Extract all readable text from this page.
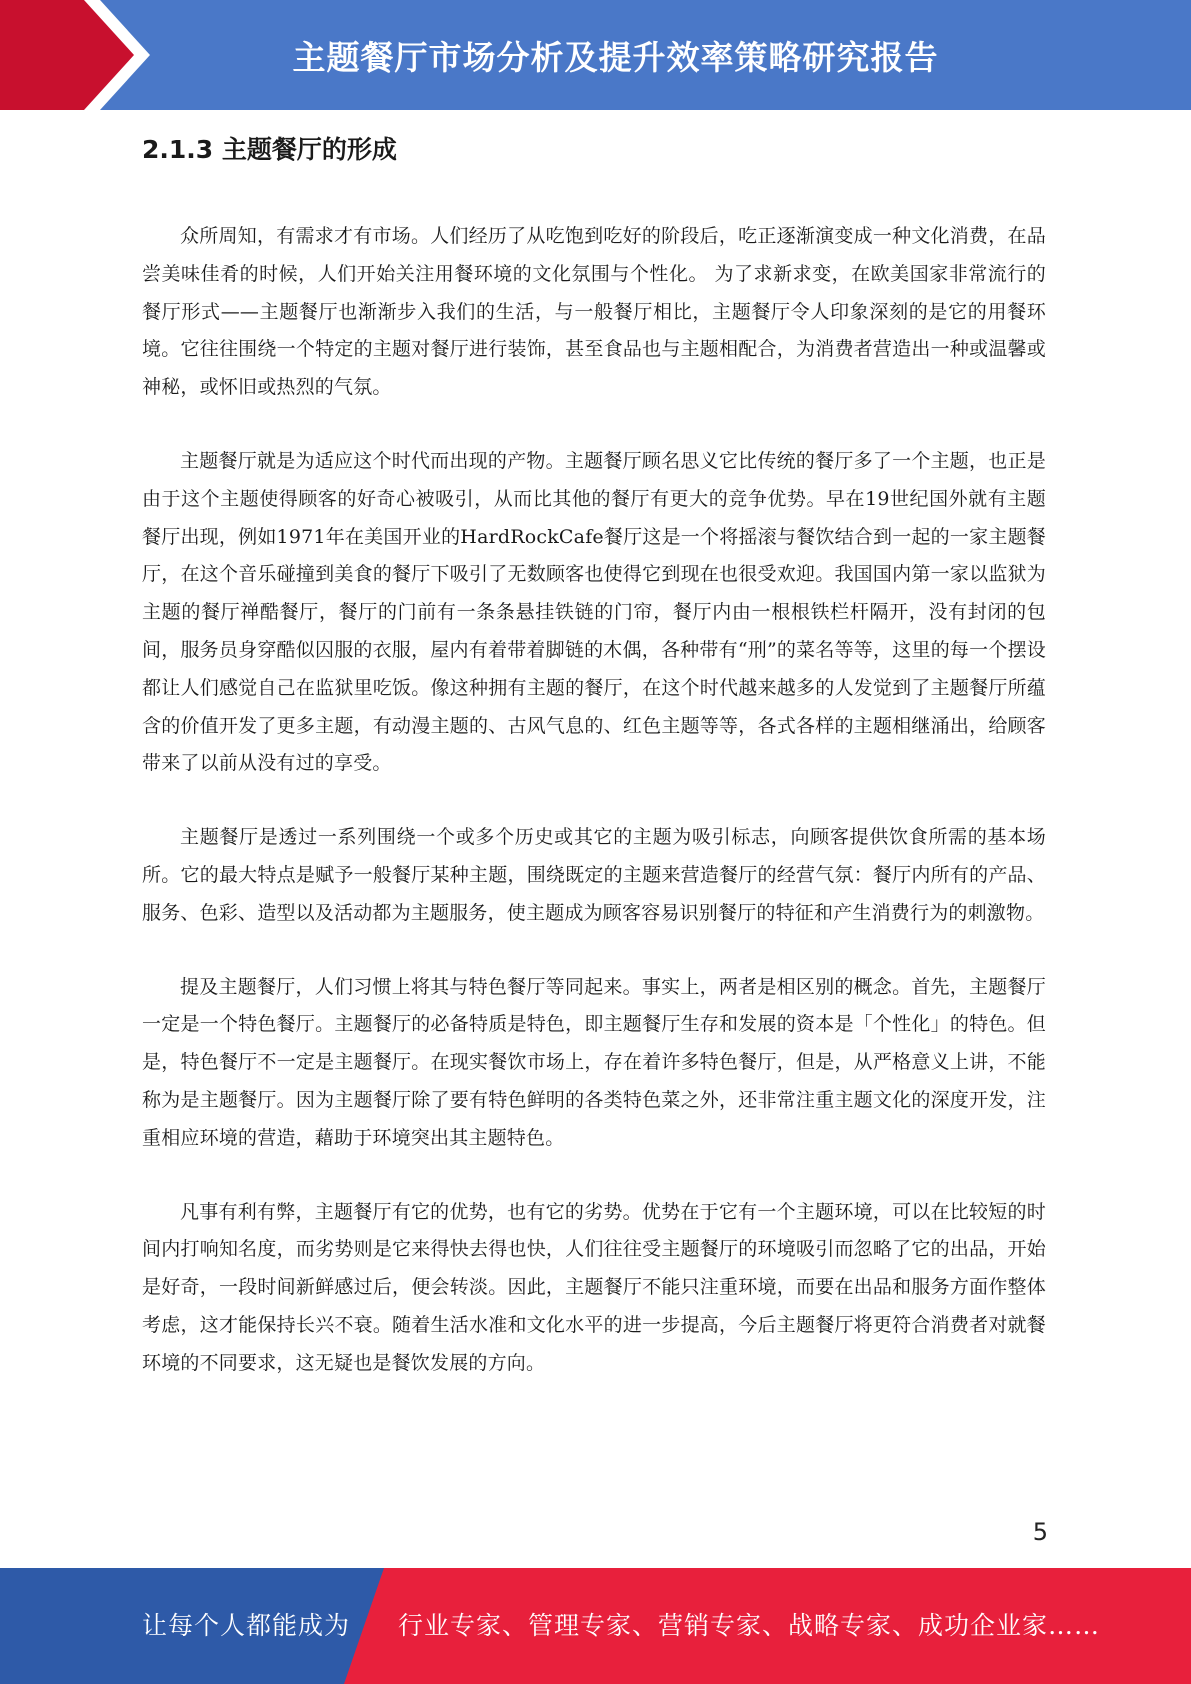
主题餐厅市场分析及提升效率策略研究报告
2.1.3 主题餐厅的形成

众所周知，有需求才有市场。人们经历了从吃饱到吃好的阶段后，吃正逐渐演变成一种文化消费，在品尝美味佳肴的时候，人们开始关注用餐环境的文化氛围与个性化。 为了求新求变，在欧美国家非常流行的餐厅形式——主题餐厅也渐渐步入我们的生活，与一般餐厅相比，主题餐厅令人印象深刻的是它的用餐环境。它往往围绕一个特定的主题对餐厅进行装饰，甚至食品也与主题相配合，为消费者营造出一种或温馨或神秘，或怀旧或热烈的气氛。

主题餐厅就是为适应这个时代而出现的产物。主题餐厅顾名思义它比传统的餐厅多了一个主题，也正是由于这个主题使得顾客的好奇心被吸引，从而比其他的餐厅有更大的竞争优势。早在19世纪国外就有主题餐厅出现，例如1971年在美国开业的HardRockCafe餐厅这是一个将摇滚与餐饮结合到一起的一家主题餐厅，在这个音乐碰撞到美食的餐厅下吸引了无数顾客也使得它到现在也很受欢迎。我国国内第一家以监狱为主题的餐厅禅酷餐厅，餐厅的门前有一条条悬挂铁链的门帘，餐厅内由一根根铁栏杆隔开，没有封闭的包间，服务员身穿酷似囚服的衣服，屋内有着带着脚链的木偶，各种带有“刑”的菜名等等，这里的每一个摆设都让人们感觉自己在监狱里吃饭。像这种拥有主题的餐厅，在这个时代越来越多的人发觉到了主题餐厅所蕴含的价值开发了更多主题，有动漫主题的、古风气息的、红色主题等等，各式各样的主题相继涌出，给顾客带来了以前从没有过的享受。

主题餐厅是透过一系列围绕一个或多个历史或其它的主题为吸引标志，向顾客提供饮食所需的基本场所。它的最大特点是赋予一般餐厅某种主题，围绕既定的主题来营造餐厅的经营气氛：餐厅内所有的产品、服务、色彩、造型以及活动都为主题服务，使主题成为顾客容易识别餐厅的特征和产生消费行为的刺激物。

提及主题餐厅，人们习惯上将其与特色餐厅等同起来。事实上，两者是相区别的概念。首先，主题餐厅一定是一个特色餐厅。主题餐厅的必备特质是特色，即主题餐厅生存和发展的资本是「个性化」的特色。但是，特色餐厅不一定是主题餐厅。在现实餐饮市场上，存在着许多特色餐厅，但是，从严格意义上讲，不能称为是主题餐厅。因为主题餐厅除了要有特色鲜明的各类特色菜之外，还非常注重主题文化的深度开发，注重相应环境的营造，藉助于环境突出其主题特色。

凡事有利有弊，主题餐厅有它的优势，也有它的劣势。优势在于它有一个主题环境，可以在比较短的时间内打响知名度，而劣势则是它来得快去得也快，人们往往受主题餐厅的环境吸引而忽略了它的出品，开始是好奇，一段时间新鲜感过后，便会转淡。因此，主题餐厅不能只注重环境，而要在出品和服务方面作整体考虑，这才能保持长兴不衰。随着生活水准和文化水平的进一步提高，今后主题餐厅将更符合消费者对就餐环境的不同要求，这无疑也是餐饮发展的方向。

5
让每个人都能成为 行业专家、管理专家、营销专家、战略专家、成功企业家……
